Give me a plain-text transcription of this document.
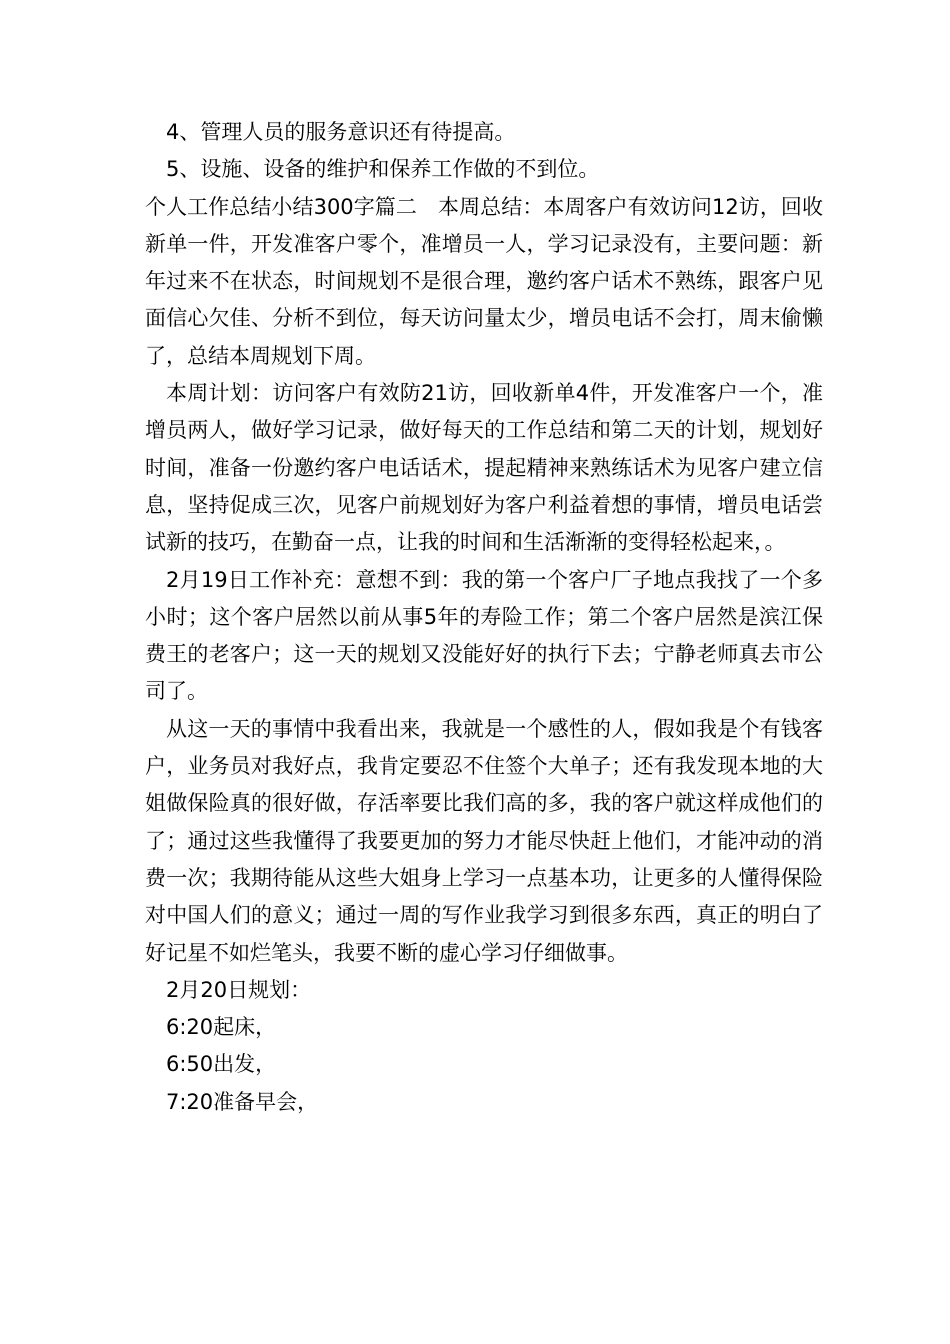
4、管理人员的服务意识还有待提高。

5、设施、设备的维护和保养工作做的不到位。

个人工作总结小结300字篇二　本周总结：本周客户有效访问12访，回收新单一件，开发准客户零个，准增员一人，学习记录没有，主要问题：新年过来不在状态，时间规划不是很合理，邀约客户话术不熟练，跟客户见面信心欠佳、分析不到位，每天访问量太少，增员电话不会打，周末偷懒了，总结本周规划下周。

本周计划：访问客户有效防21访，回收新单4件，开发准客户一个，准增员两人，做好学习记录，做好每天的工作总结和第二天的计划，规划好时间，准备一份邀约客户电话话术，提起精神来熟练话术为见客户建立信息，坚持促成三次，见客户前规划好为客户利益着想的事情，增员电话尝试新的技巧，在勤奋一点，让我的时间和生活渐渐的变得轻松起来，。

2月19日工作补充：意想不到：我的第一个客户厂子地点我找了一个多小时；这个客户居然以前从事5年的寿险工作；第二个客户居然是滨江保费王的老客户；这一天的规划又没能好好的执行下去；宁静老师真去市公司了。

从这一天的事情中我看出来，我就是一个感性的人，假如我是个有钱客户，业务员对我好点，我肯定要忍不住签个大单子；还有我发现本地的大姐做保险真的很好做，存活率要比我们高的多，我的客户就这样成他们的了；通过这些我懂得了我要更加的努力才能尽快赶上他们，才能冲动的消费一次；我期待能从这些大姐身上学习一点基本功，让更多的人懂得保险对中国人们的意义；通过一周的写作业我学习到很多东西，真正的明白了好记星不如烂笔头，我要不断的虚心学习仔细做事。

2月20日规划：

6:20起床，

6:50出发，

7:20准备早会，
